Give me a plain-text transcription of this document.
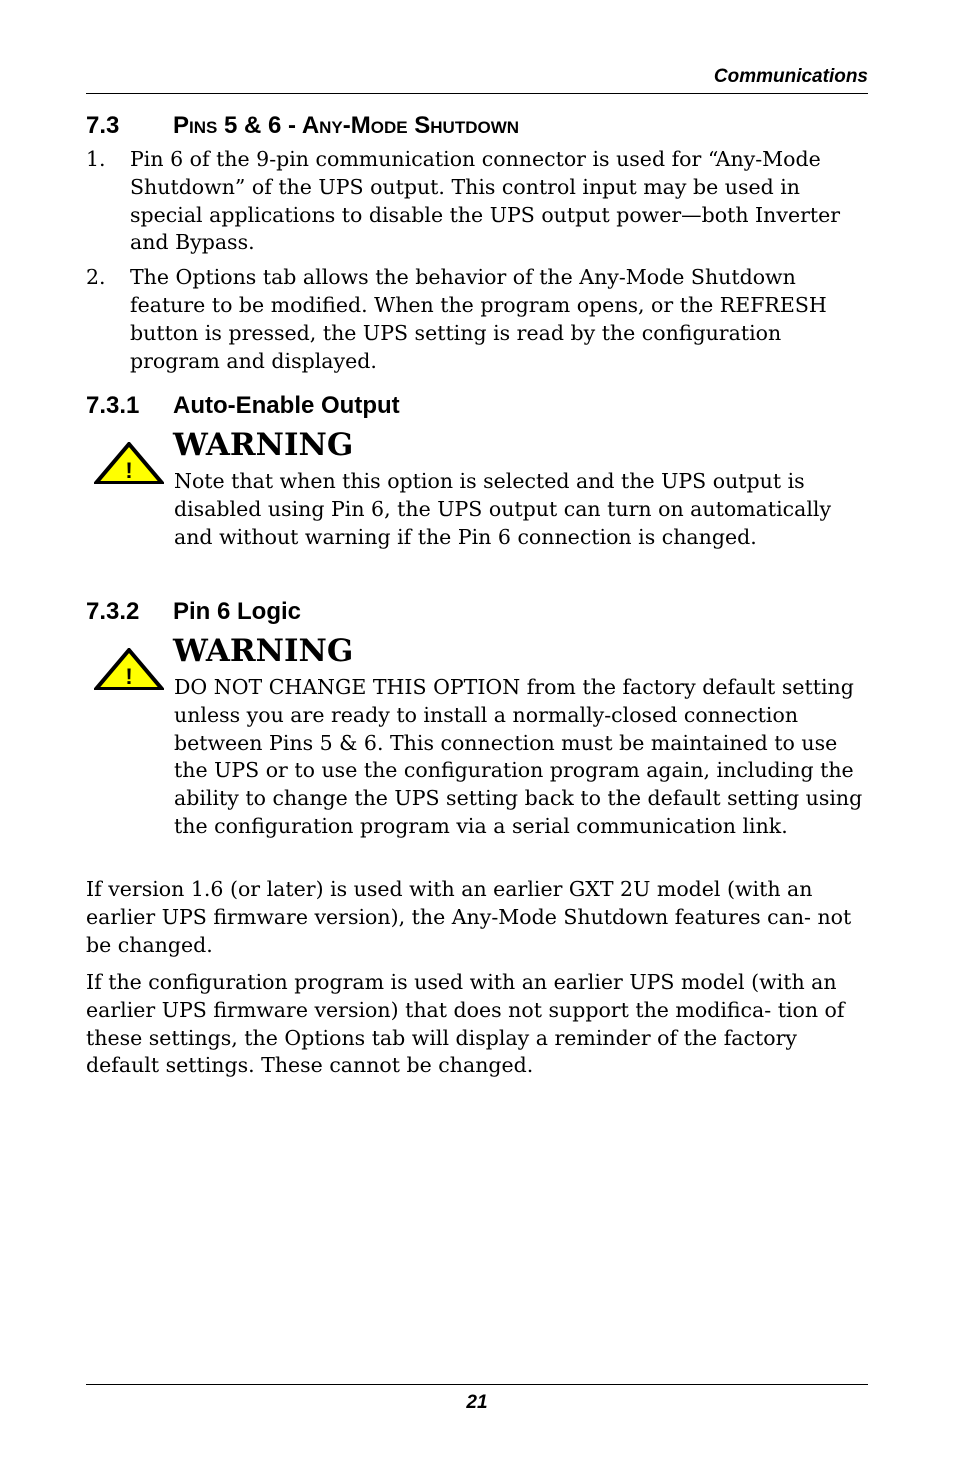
Communications
7.3 Pins 5 & 6 - Any-Mode Shutdown
1. Pin 6 of the 9-pin communication connector is used for “Any-Mode Shutdown” of the UPS output. This control input may be used in special applications to disable the UPS output power—both Inverter and Bypass.
2. The Options tab allows the behavior of the Any-Mode Shutdown feature to be modified. When the program opens, or the REFRESH button is pressed, the UPS setting is read by the configuration program and displayed.
7.3.1 Auto-Enable Output
!
WARNING
Note that when this option is selected and the UPS output is disabled using Pin 6, the UPS output can turn on automatically and without warning if the Pin 6 connection is changed.
7.3.2 Pin 6 Logic
!
WARNING
DO NOT CHANGE THIS OPTION from the factory default setting unless you are ready to install a normally-closed connection between Pins 5 & 6. This connection must be maintained to use the UPS or to use the configuration program again, including the ability to change the UPS setting back to the default setting using the configuration program via a serial communication link.
If version 1.6 (or later) is used with an earlier GXT 2U model (with an earlier UPS firmware version), the Any-Mode Shutdown features can- not be changed.
If the configuration program is used with an earlier UPS model (with an earlier UPS firmware version) that does not support the modifica- tion of these settings, the Options tab will display a reminder of the factory default settings. These cannot be changed.
21
